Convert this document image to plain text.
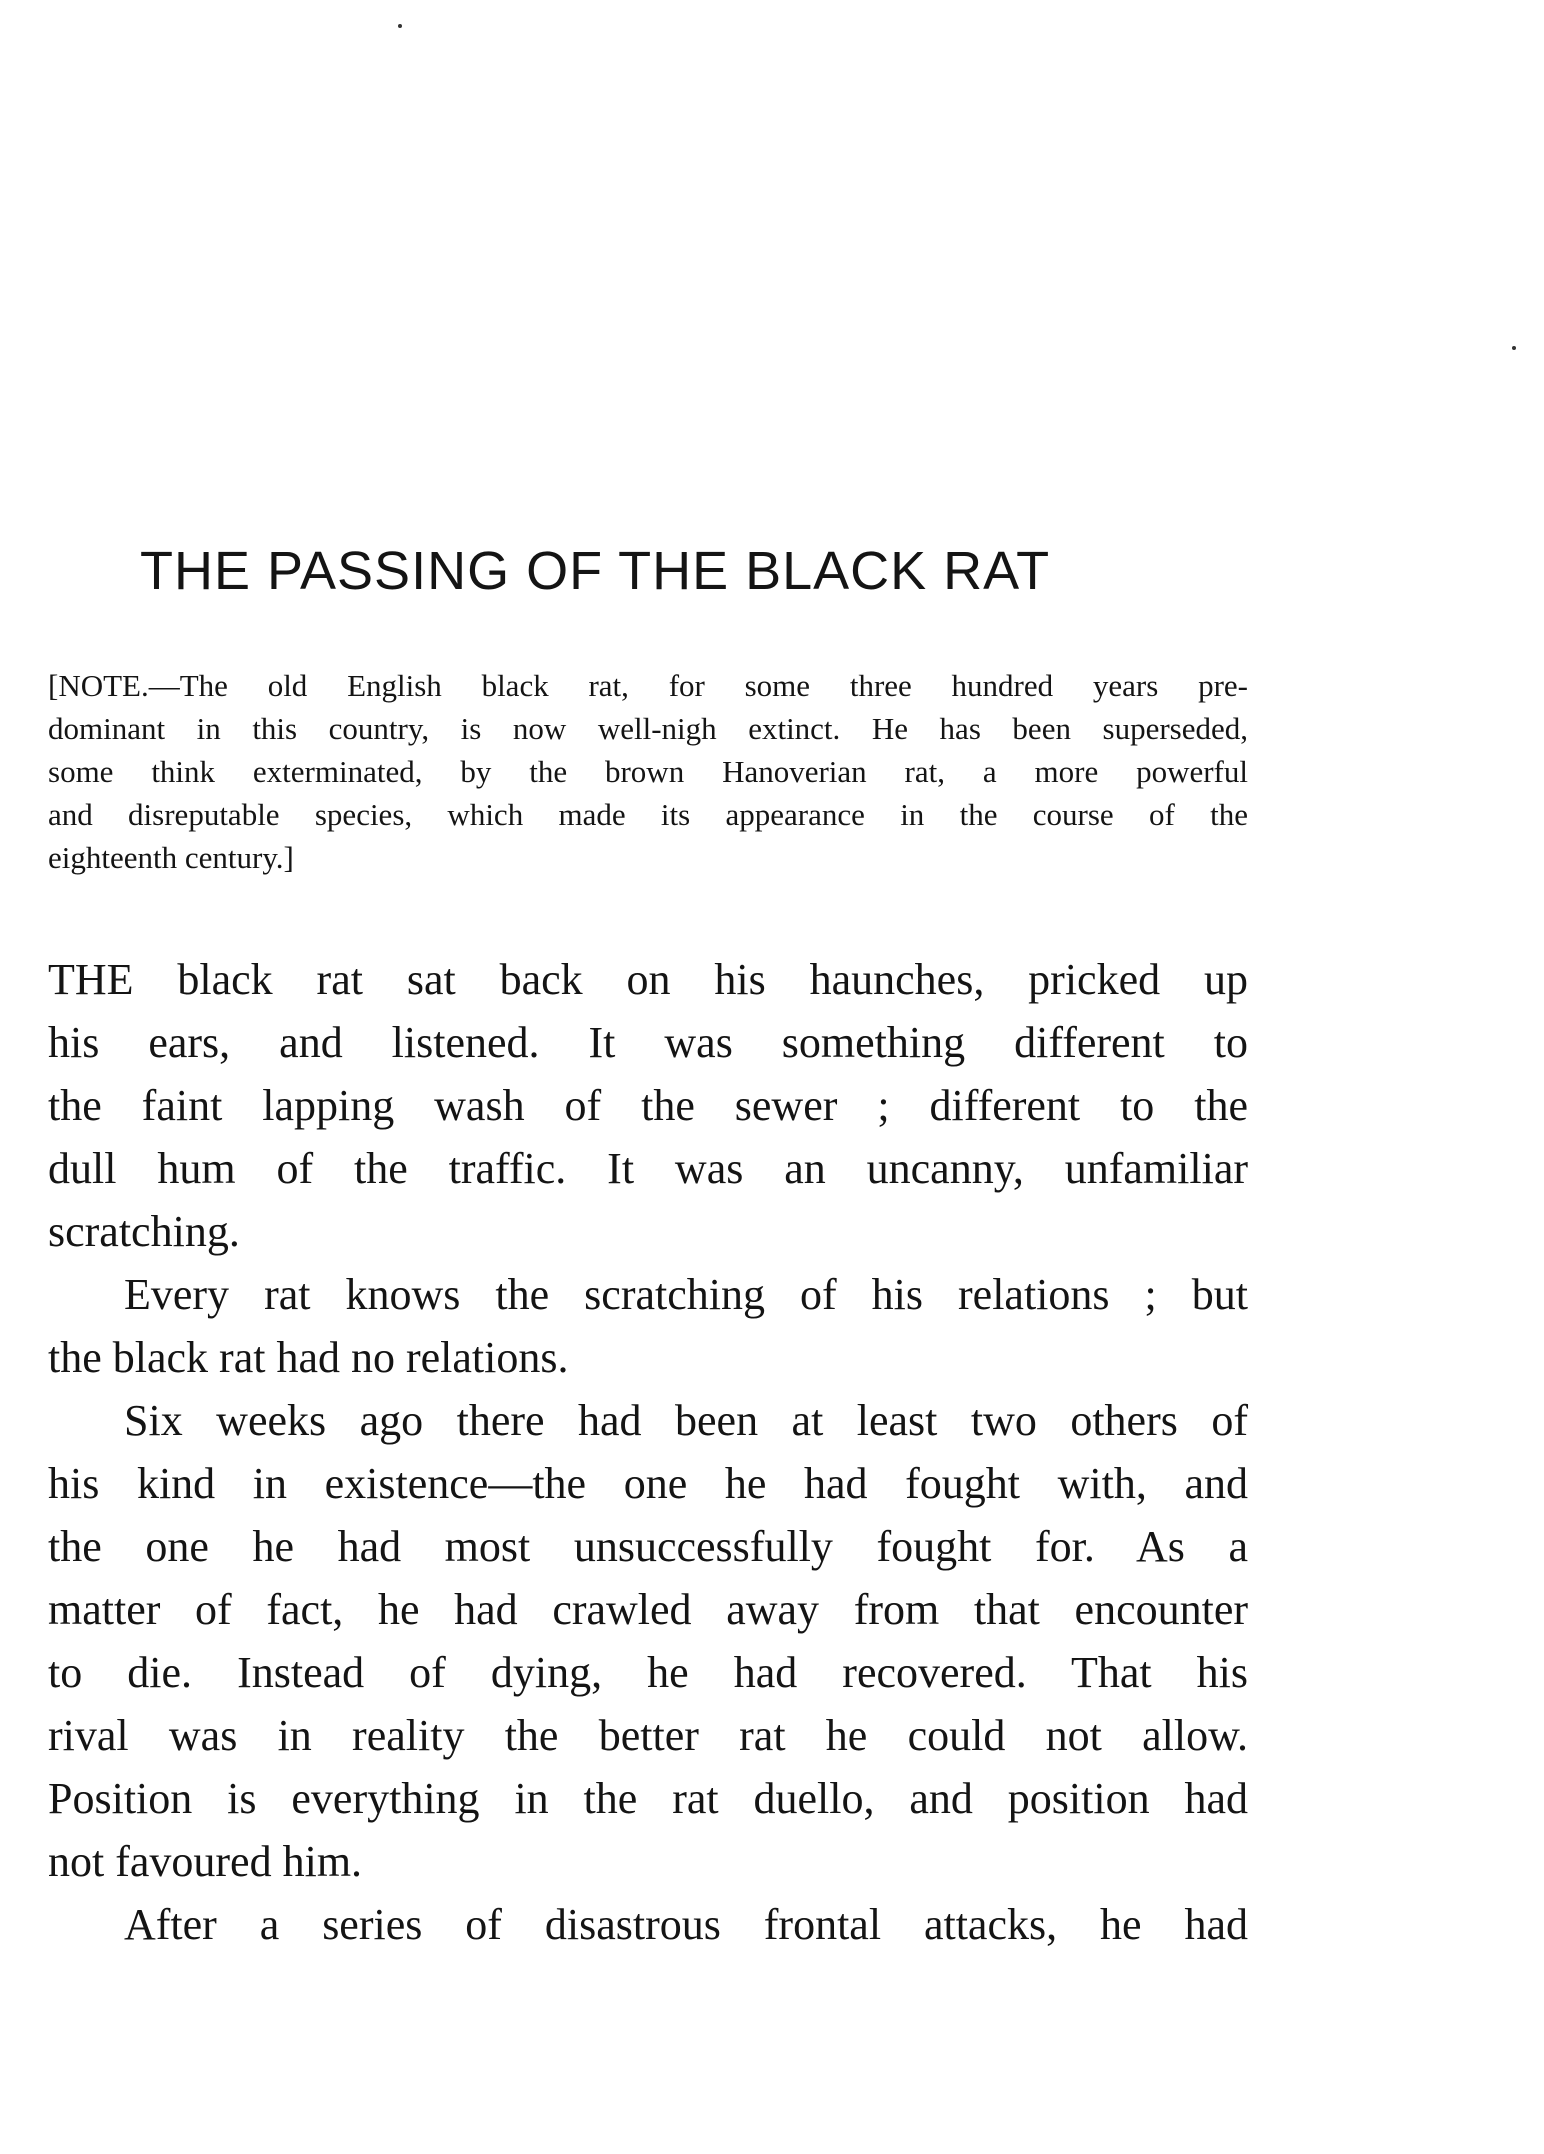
THE PASSING OF THE BLACK RAT
[NOTE.—The old English black rat, for some three hundred years pre-
dominant in this country, is now well-nigh extinct. He has been superseded,
some think exterminated, by the brown Hanoverian rat, a more powerful
and disreputable species, which made its appearance in the course of the
eighteenth century.]
THE black rat sat back on his haunches, pricked up
his ears, and listened. It was something different to
the faint lapping wash of the sewer ; different to the
dull hum of the traffic. It was an uncanny, unfamiliar
scratching.
Every rat knows the scratching of his relations ; but
the black rat had no relations.
Six weeks ago there had been at least two others of
his kind in existence—the one he had fought with, and
the one he had most unsuccessfully fought for. As a
matter of fact, he had crawled away from that encounter
to die. Instead of dying, he had recovered. That his
rival was in reality the better rat he could not allow.
Position is everything in the rat duello, and position had
not favoured him.
After a series of disastrous frontal attacks, he had
